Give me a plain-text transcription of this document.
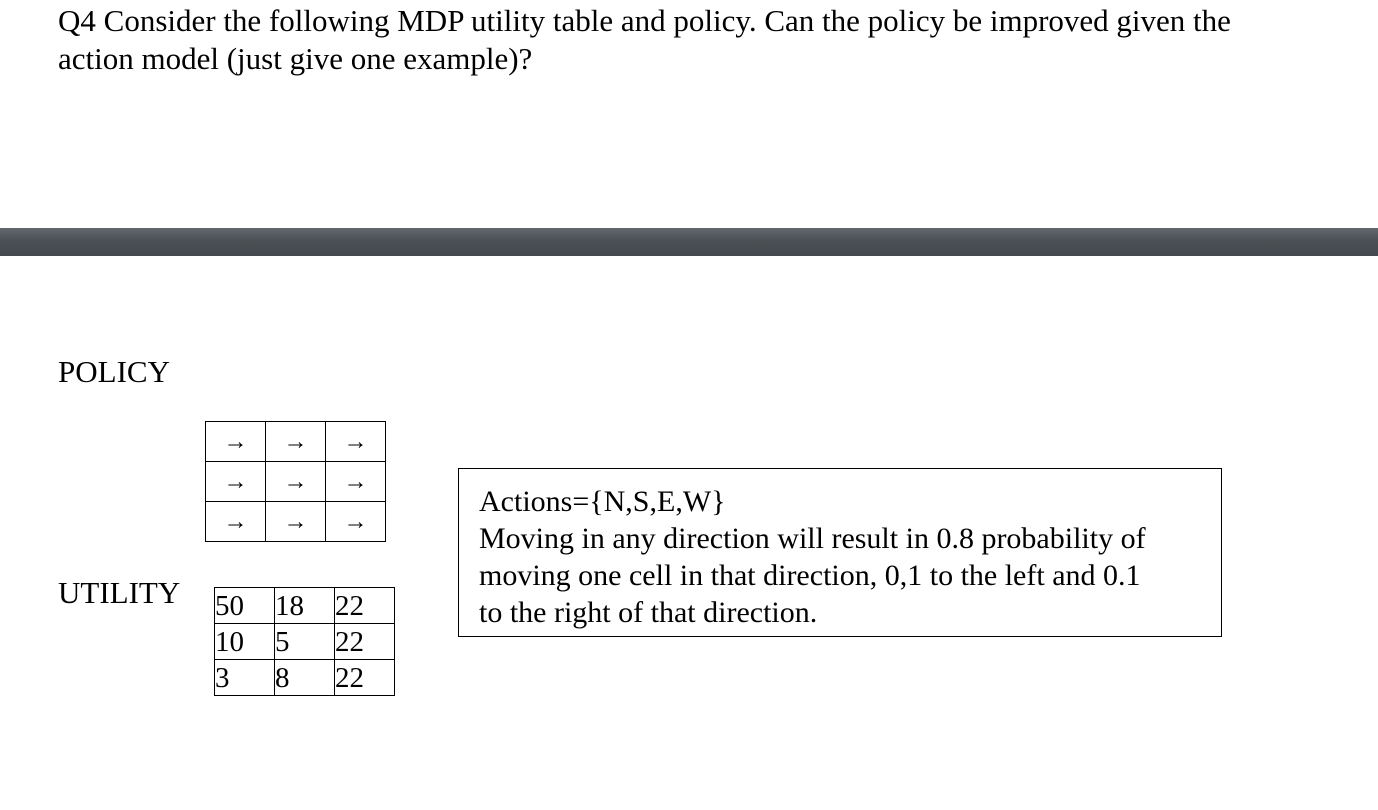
Q4 Consider the following MDP utility table and policy. Can the policy be improved given the
action model (just give one example)?

POLICY

→	→	→
→	→	→
→	→	→

UTILITY 50	18	22
10	5	22
3	8	22

Actions={N,S,E,W}

Moving in any direction will result in 0.8 probability of

moving one cell in that direction, 0,1 to the left and 0.1

to the right of that direction.
